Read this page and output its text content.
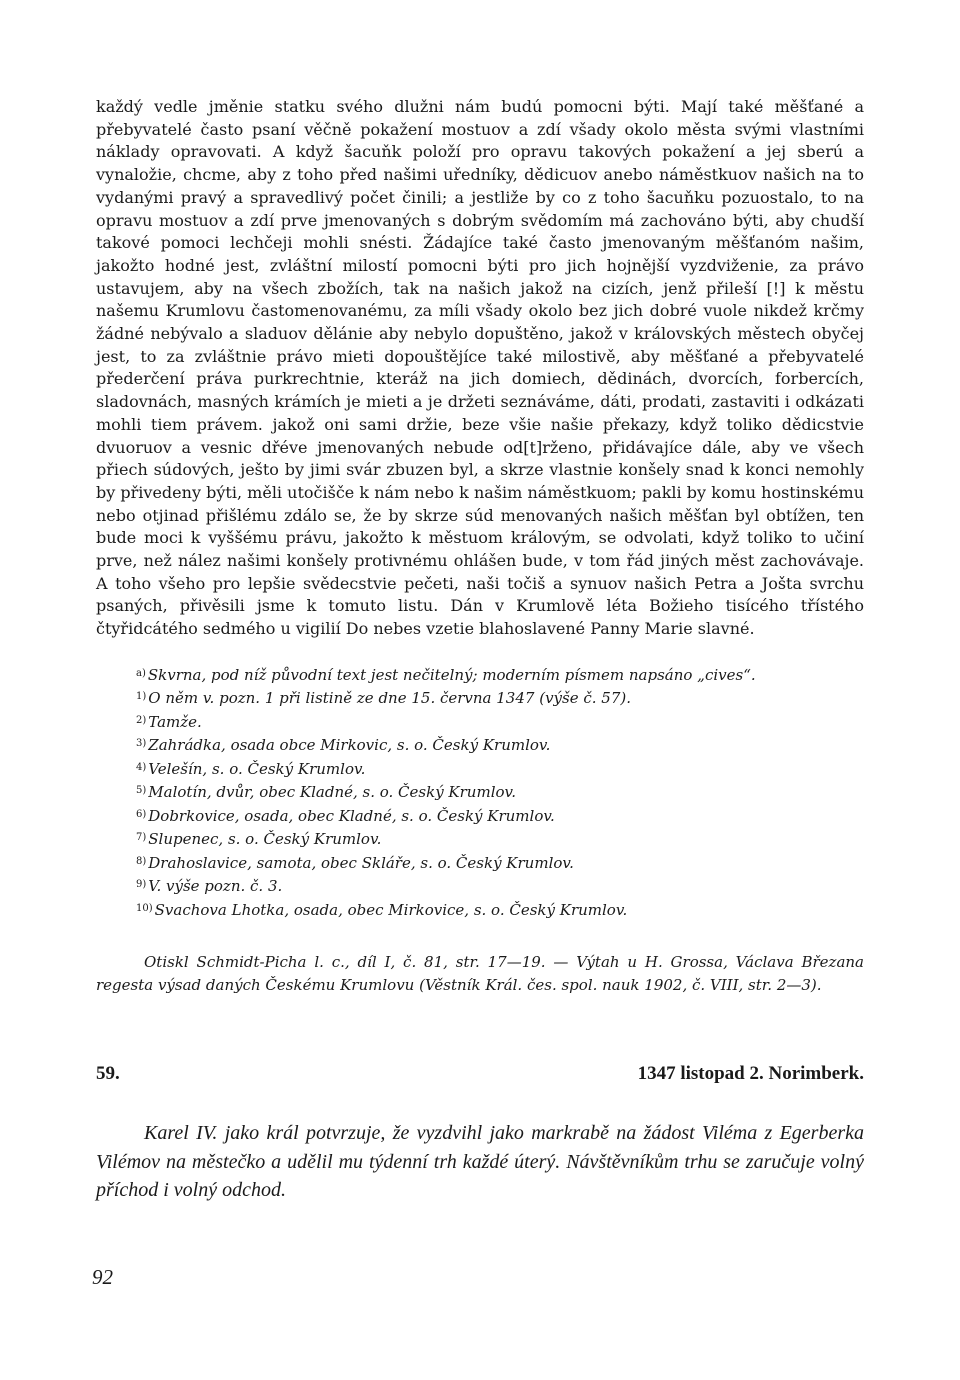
každý vedle jměnie statku svého dlužni nám budú pomocni býti. Mají také měšťané a přebyvatelé často psaní věčně pokažení mostuov a zdí všady okolo města svými vlastními náklady opravovati. A když šacuňk položí pro opravu takových pokažení a jej sberú a vynaložie, chcme, aby z toho před našimi uředníky, dědicuov anebo náměstkuov našich na to vydanými pravý a spravedlivý počet činili; a jestliže by co z toho šacuňku pozuostalo, to na opravu mostuov a zdí prve jmenovaných s dobrým svědomím má zachováno býti, aby chudší takové pomoci lechčeji mohli snésti. Žádajíce také často jmenovaným měšťanóm našim, jakožto hodné jest, zvláštní milostí pomocni býti pro jich hojnější vyzdviženie, za právo ustavujem, aby na všech zbožích, tak na našich jakož na cizích, jenž přileší [!] k městu našemu Krumlovu častomenovanému, za míli všady okolo bez jich dobré vuole nikdež krčmy žádné nebývalo a sladuov dělánie aby nebylo dopuštěno, jakož v královských městech obyčej jest, to za zvláštnie právo mieti dopouštějíce také milostivě, aby měšťané a přebyvatelé přederčení práva purkrechtnie, kteráž na jich domiech, dědinách, dvorcích, forbercích, sladovnách, masných krámích je mieti a je držeti seznáváme, dáti, prodati, zastaviti i odkázati mohli tiem právem. jakož oni sami držie, beze všie našie překazy, když toliko dědicstvie dvuoruov a vesnic dřéve jmenovaných nebude od[t]rženo, přidávajíce dále, aby ve všech přiech súdových, ješto by jimi svár zbuzen byl, a skrze vlastnie konšely snad k konci nemohly by přivedeny býti, měli utočišče k nám nebo k našim náměstkuom; pakli by komu hostinskému nebo otjinad přišlému zdálo se, že by skrze súd menovaných našich měšťan byl obtížen, ten bude moci k vyššému právu, jakožto k městuom královým, se odvolati, když toliko to učiní prve, než nález našimi konšely protivnému ohlášen bude, v tom řád jiných měst zachovávaje. A toho všeho pro lepšie svědecstvie pečeti, naši točiš a synuov našich Petra a Jošta svrchu psaných, přivěsili jsme k tomuto listu. Dán v Krumlově léta Božieho tisícého třístého čtyřidcátého sedmého u vigilií Do nebes vzetie blahoslavené Panny Marie slavné.

$^{a)}$ Skvrna, pod níž původní text jest nečitelný; moderním písmem napsáno „cives“.
$^{1)}$ O něm v. pozn. 1 při listině ze dne 15. června 1347 (výše č. 57).
$^{2)}$ Tamže.
$^{3)}$ Zahrádka, osada obce Mirkovic, s. o. Český Krumlov.
$^{4)}$ Velešín, s. o. Český Krumlov.
$^{5)}$ Malotín, dvůr, obec Kladné, s. o. Český Krumlov.
$^{6)}$ Dobrkovice, osada, obec Kladné, s. o. Český Krumlov.
$^{7)}$ Slupenec, s. o. Český Krumlov.
$^{8)}$ Drahoslavice, samota, obec Skláře, s. o. Český Krumlov.
$^{9)}$ V. výše pozn. č. 3.
$^{10)}$ Svachova Lhotka, osada, obec Mirkovice, s. o. Český Krumlov.

Otiskl Schmidt-Picha l. c., díl I, č. 81, str. 17—19. — Výtah u H. Grossa, Václava Březana regesta výsad daných Českému Krumlovu (Věstník Král. čes. spol. nauk 1902, č. VIII, str. 2—3).

59.	1347 listopad 2. Norimberk.

Karel IV. jako král potvrzuje, že vyzdvihl jako markrabě na žádost Viléma z Egerberka Vilémov na městečko a udělil mu týdenní trh každé úterý. Návštěvníkům trhu se zaručuje volný příchod i volný odchod.

92
